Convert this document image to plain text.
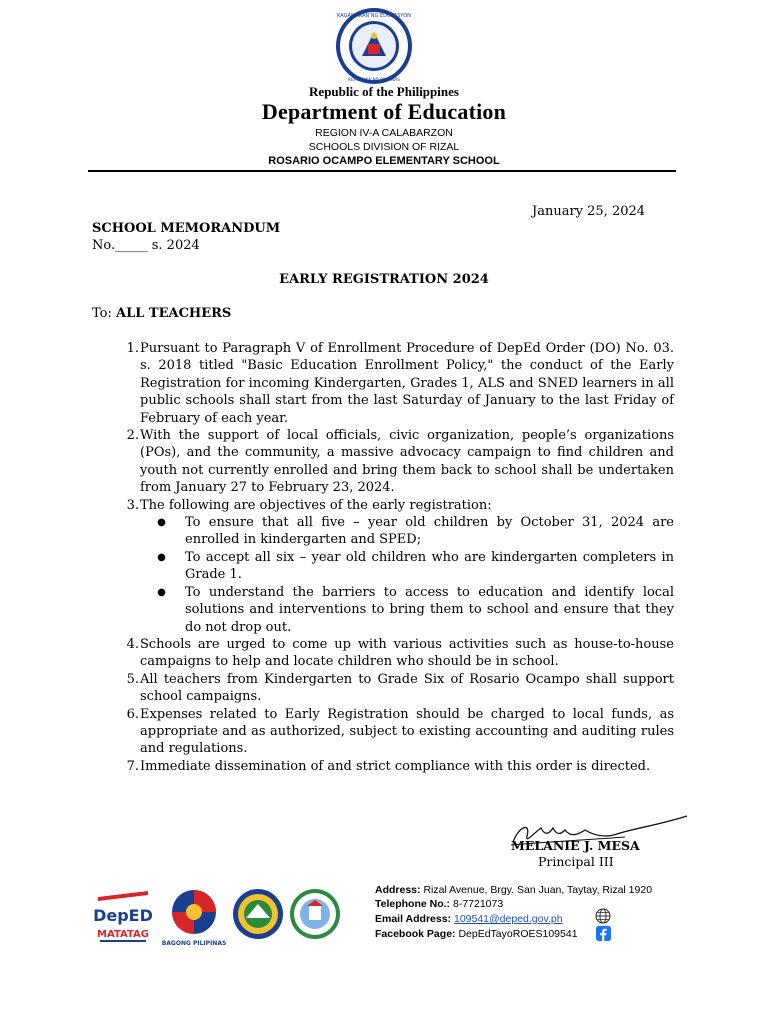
KAGAWARAN NG EDUKASYON
REPUBLIKA NG PILIPINAS
Republic of the Philippines
Department of Education
REGION IV-A CALABARZON
SCHOOLS DIVISION OF RIZAL
ROSARIO OCAMPO ELEMENTARY SCHOOL
January 25, 2024
SCHOOL MEMORANDUM
No._____ s. 2024
EARLY REGISTRATION 2024
To: ALL TEACHERS
1. Pursuant to Paragraph V of Enrollment Procedure of DepEd Order (DO) No. 03. s. 2018 titled "Basic Education Enrollment Policy," the conduct of the Early Registration for incoming Kindergarten, Grades 1, ALS and SNED learners in all public schools shall start from the last Saturday of January to the last Friday of February of each year.
2. With the support of local officials, civic organization, people’s organizations (POs), and the community, a massive advocacy campaign to find children and youth not currently enrolled and bring them back to school shall be undertaken from January 27 to February 23, 2024.
3. The following are objectives of the early registration:
●	To ensure that all five – year old children by October 31, 2024 are enrolled in kindergarten and SPED;
●	To accept all six – year old children who are kindergarten completers in Grade 1.
●	To understand the barriers to access to education and identify local solutions and interventions to bring them to school and ensure that they do not drop out.
4. Schools are urged to come up with various activities such as house-to-house campaigns to help and locate children who should be in school.
5. All teachers from Kindergarten to Grade Six of Rosario Ocampo shall support school campaigns.
6. Expenses related to Early Registration should be charged to local funds, as appropriate and as authorized, subject to existing accounting and auditing rules and regulations.
7. Immediate dissemination of and strict compliance with this order is directed.
MELANIE J. MESA
Principal III
DepED
MATATAG
BAGONG PILIPINAS
Address: Rizal Avenue, Brgy. San Juan, Taytay, Rizal 1920
Telephone No.: 8-7721073
Email Address: 109541@deped.gov.ph
Facebook Page: DepEdTayoROES109541
